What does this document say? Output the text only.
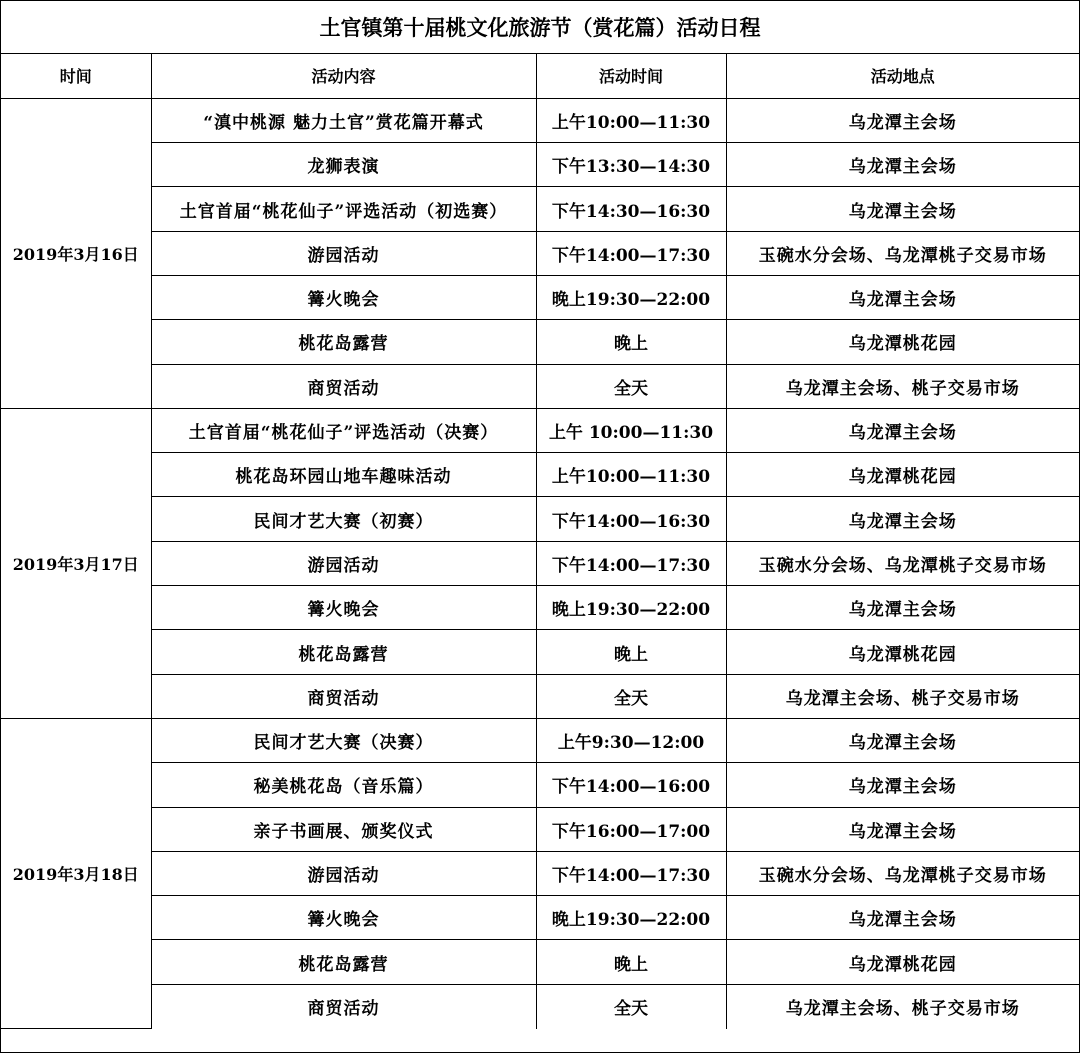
土官镇第十届桃文化旅游节（赏花篇）活动日程
时间	活动内容	活动时间	活动地点
2019年3月16日	“滇中桃源 魅力土官”赏花篇开幕式	上午10:00—11:30	乌龙潭主会场
	龙狮表演	下午13:30—14:30	乌龙潭主会场
	土官首届“桃花仙子”评选活动（初选赛）	下午14:30—16:30	乌龙潭主会场
	游园活动	下午14:00—17:30	玉碗水分会场、乌龙潭桃子交易市场
	篝火晚会	晚上19:30—22:00	乌龙潭主会场
	桃花岛露营	晚上	乌龙潭桃花园
	商贸活动	全天	乌龙潭主会场、桃子交易市场
2019年3月17日	土官首届“桃花仙子”评选活动（决赛）	上午 10:00—11:30	乌龙潭主会场
	桃花岛环园山地车趣味活动	上午10:00—11:30	乌龙潭桃花园
	民间才艺大赛（初赛）	下午14:00—16:30	乌龙潭主会场
	游园活动	下午14:00—17:30	玉碗水分会场、乌龙潭桃子交易市场
	篝火晚会	晚上19:30—22:00	乌龙潭主会场
	桃花岛露营	晚上	乌龙潭桃花园
	商贸活动	全天	乌龙潭主会场、桃子交易市场
2019年3月18日	民间才艺大赛（决赛）	上午9:30—12:00	乌龙潭主会场
	秘美桃花岛（音乐篇）	下午14:00—16:00	乌龙潭主会场
	亲子书画展、颁奖仪式	下午16:00—17:00	乌龙潭主会场
	游园活动	下午14:00—17:30	玉碗水分会场、乌龙潭桃子交易市场
	篝火晚会	晚上19:30—22:00	乌龙潭主会场
	桃花岛露营	晚上	乌龙潭桃花园
	商贸活动	全天	乌龙潭主会场、桃子交易市场
